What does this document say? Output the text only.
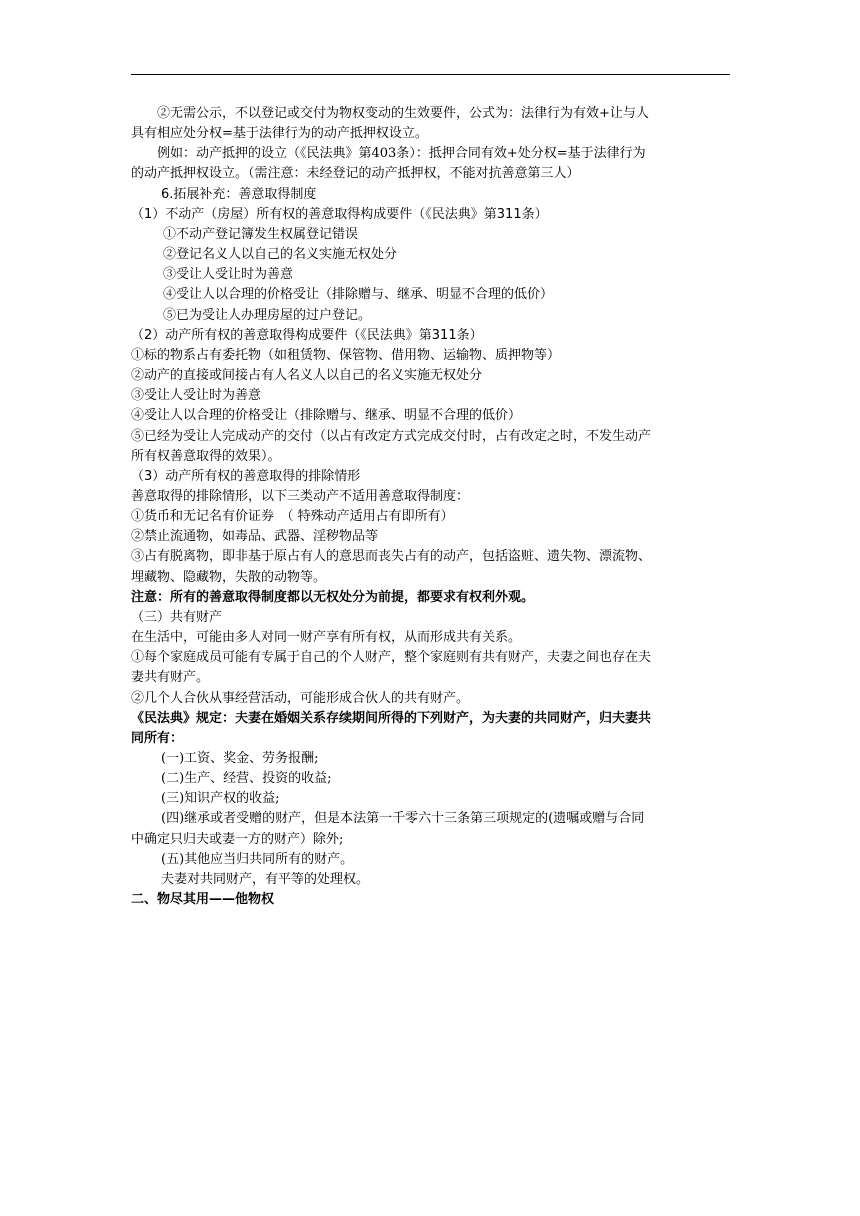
②无需公示，不以登记或交付为物权变动的生效要件，公式为：法律行为有效+让与人
具有相应处分权=基于法律行为的动产抵押权设立。
例如：动产抵押的设立（《民法典》第403条）：抵押合同有效+处分权=基于法律行为
的动产抵押权设立。（需注意：未经登记的动产抵押权，不能对抗善意第三人）
6.拓展补充：善意取得制度
（1）不动产（房屋）所有权的善意取得构成要件（《民法典》第311条）
①不动产登记簿发生权属登记错误
②登记名义人以自己的名义实施无权处分
③受让人受让时为善意
④受让人以合理的价格受让（排除赠与、继承、明显不合理的低价）
⑤已为受让人办理房屋的过户登记。
（2）动产所有权的善意取得构成要件（《民法典》第311条）
①标的物系占有委托物（如租赁物、保管物、借用物、运输物、质押物等）
②动产的直接或间接占有人名义人以自己的名义实施无权处分
③受让人受让时为善意
④受让人以合理的价格受让（排除赠与、继承、明显不合理的低价）
⑤已经为受让人完成动产的交付（以占有改定方式完成交付时，占有改定之时，不发生动产
所有权善意取得的效果）。
（3）动产所有权的善意取得的排除情形
善意取得的排除情形，以下三类动产不适用善意取得制度：
①货币和无记名有价证券　（ 特殊动产适用占有即所有）
②禁止流通物，如毒品、武器、淫秽物品等
③占有脱离物，即非基于原占有人的意思而丧失占有的动产，包括盗赃、遗失物、漂流物、
埋藏物、隐藏物，失散的动物等。
注意：所有的善意取得制度都以无权处分为前提，都要求有权利外观。
（三）共有财产
在生活中，可能由多人对同一财产享有所有权，从而形成共有关系。
①每个家庭成员可能有专属于自己的个人财产，整个家庭则有共有财产，夫妻之间也存在夫
妻共有财产。
②几个人合伙从事经营活动，可能形成合伙人的共有财产。
《民法典》规定：夫妻在婚姻关系存续期间所得的下列财产，为夫妻的共同财产，归夫妻共
同所有：
(一)工资、奖金、劳务报酬;
(二)生产、经营、投资的收益;
(三)知识产权的收益;
(四)继承或者受赠的财产，但是本法第一千零六十三条第三项规定的(遗嘱或赠与合同
中确定只归夫或妻一方的财产）除外;
(五)其他应当归共同所有的财产。
夫妻对共同财产，有平等的处理权。
二、物尽其用——他物权
